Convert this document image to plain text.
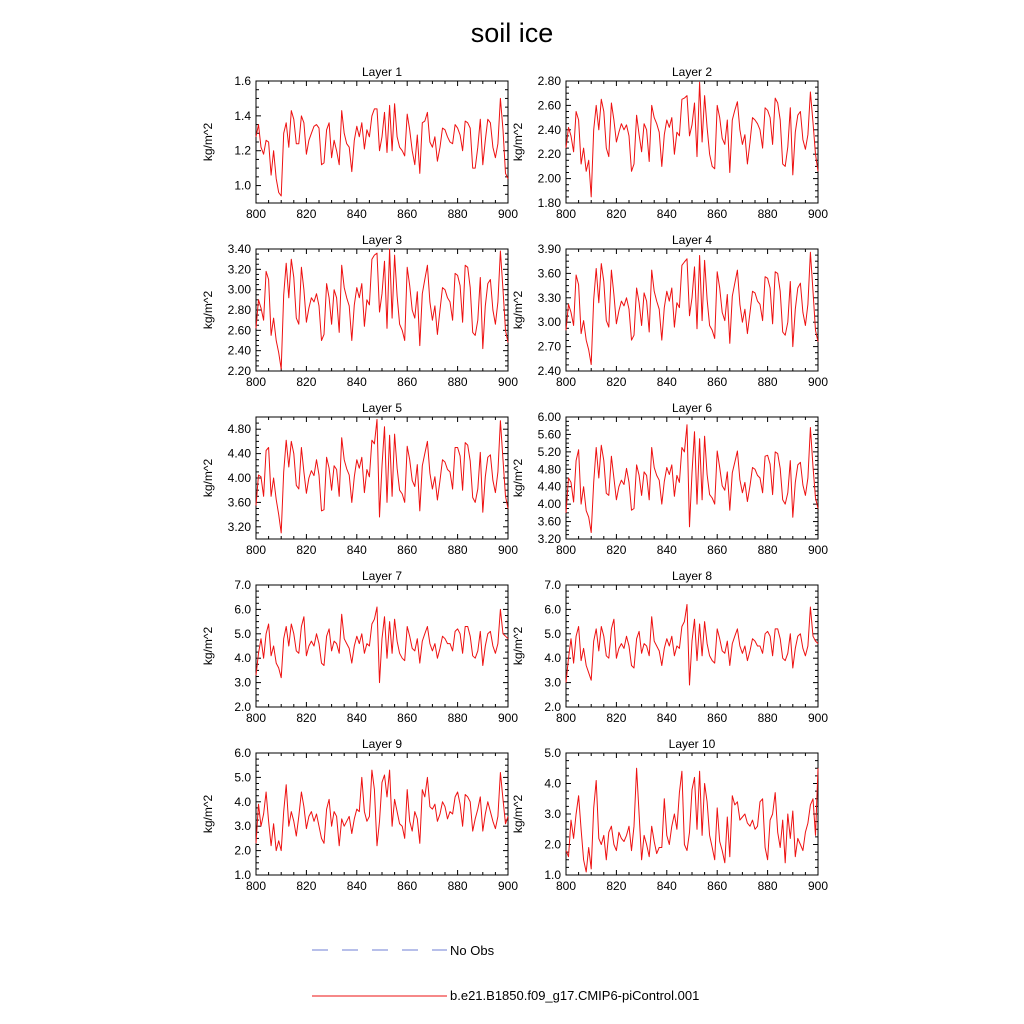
soil ice
Layer 1
800	820	840	860	880	900
1.0
1.2
1.4
1.6
kg/m^2
Layer 2
800	820	840	860	880	900
1.80
2.00
2.20
2.40
2.60
2.80
kg/m^2
Layer 3
800	820	840	860	880	900
2.20
2.40
2.60
2.80
3.00
3.20
3.40
kg/m^2
Layer 4
800	820	840	860	880	900
2.40
2.70
3.00
3.30
3.60
3.90
kg/m^2
Layer 5
800	820	840	860	880	900
3.20
3.60
4.00
4.40
4.80
kg/m^2
Layer 6
800	820	840	860	880	900
3.20
3.60
4.00
4.40
4.80
5.20
5.60
6.00
kg/m^2
Layer 7
800	820	840	860	880	900
2.0
3.0
4.0
5.0
6.0
7.0
kg/m^2
Layer 8
800	820	840	860	880	900
2.0
3.0
4.0
5.0
6.0
7.0
kg/m^2
Layer 9
800	820	840	860	880	900
1.0
2.0
3.0
4.0
5.0
6.0
kg/m^2
Layer 10
800	820	840	860	880	900
1.0
2.0
3.0
4.0
5.0
kg/m^2
No Obs
b.e21.B1850.f09_g17.CMIP6-piControl.001
